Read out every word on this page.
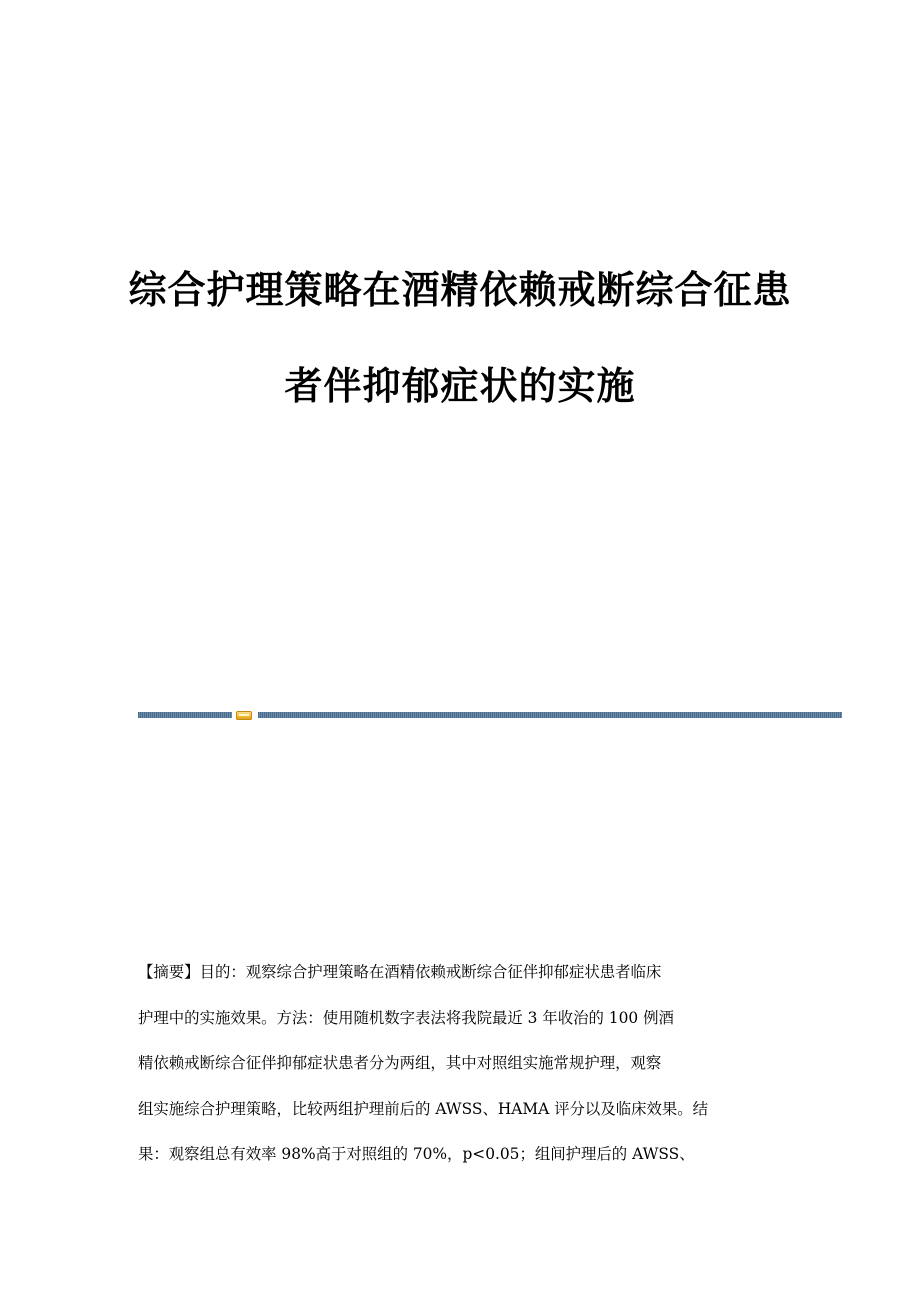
综合护理策略在酒精依赖戒断综合征患
者伴抑郁症状的实施
【摘要】目的：观察综合护理策略在酒精依赖戒断综合征伴抑郁症状患者临床
护理中的实施效果。方法：使用随机数字表法将我院最近 3 年收治的 100 例酒
精依赖戒断综合征伴抑郁症状患者分为两组，其中对照组实施常规护理，观察
组实施综合护理策略，比较两组护理前后的 AWSS、HAMA 评分以及临床效果。结
果：观察组总有效率 98%高于对照组的 70%，p<0.05；组间护理后的 AWSS、
